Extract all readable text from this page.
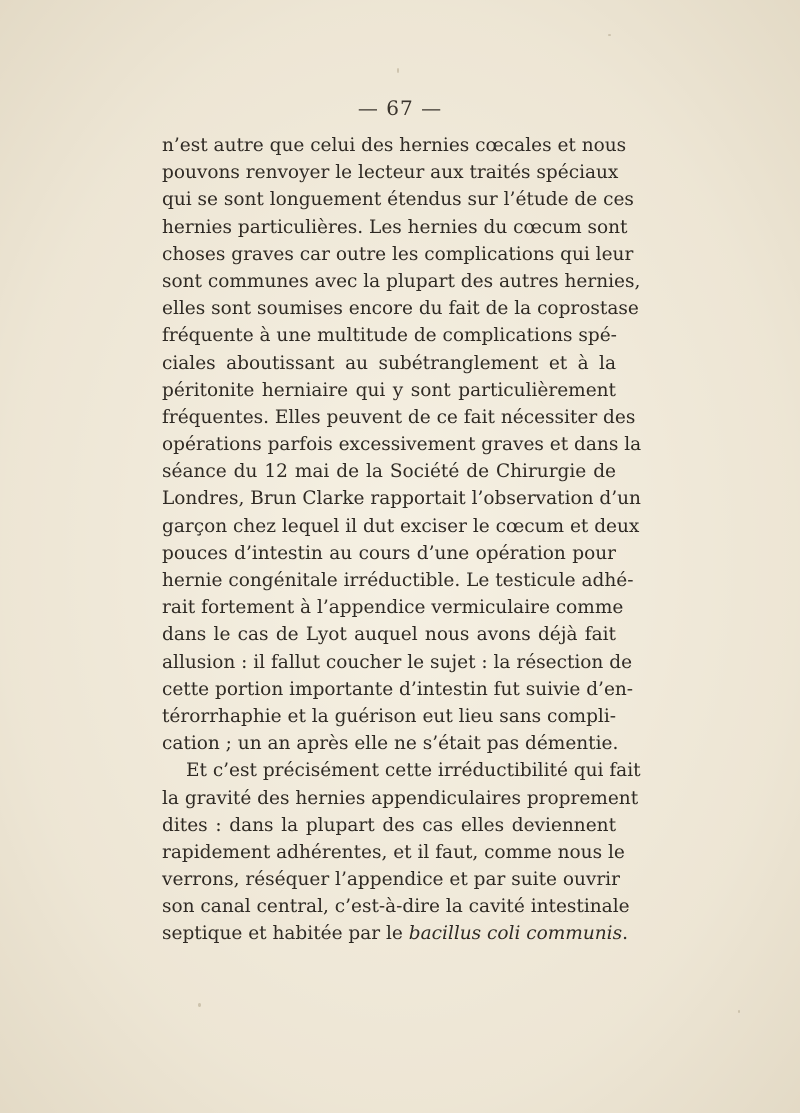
— 67 —
n’est autre que celui des hernies cœcales et nous
pouvons renvoyer le lecteur aux traités spéciaux
qui se sont longuement étendus sur l’étude de ces
hernies particulières. Les hernies du cœcum sont
choses graves car outre les complications qui leur
sont communes avec la plupart des autres hernies,
elles sont soumises encore du fait de la coprostase
fréquente à une multitude de complications spé-
ciales aboutissant au subétranglement et à la
péritonite herniaire qui y sont particulièrement
fréquentes. Elles peuvent de ce fait nécessiter des
opérations parfois excessivement graves et dans la
séance du 12 mai de la Société de Chirurgie de
Londres, Brun Clarke rapportait l’observation d’un
garçon chez lequel il dut exciser le cœcum et deux
pouces d’intestin au cours d’une opération pour
hernie congénitale irréductible. Le testicule adhé-
rait fortement à l’appendice vermiculaire comme
dans le cas de Lyot auquel nous avons déjà fait
allusion : il fallut coucher le sujet : la résection de
cette portion importante d’intestin fut suivie d’en-
térorrhaphie et la guérison eut lieu sans compli-
cation ; un an après elle ne s’était pas démentie.
Et c’est précisément cette irréductibilité qui fait
la gravité des hernies appendiculaires proprement
dites : dans la plupart des cas elles deviennent
rapidement adhérentes, et il faut, comme nous le
verrons, réséquer l’appendice et par suite ouvrir
son canal central, c’est-à-dire la cavité intestinale
septique et habitée par le bacillus coli communis.
